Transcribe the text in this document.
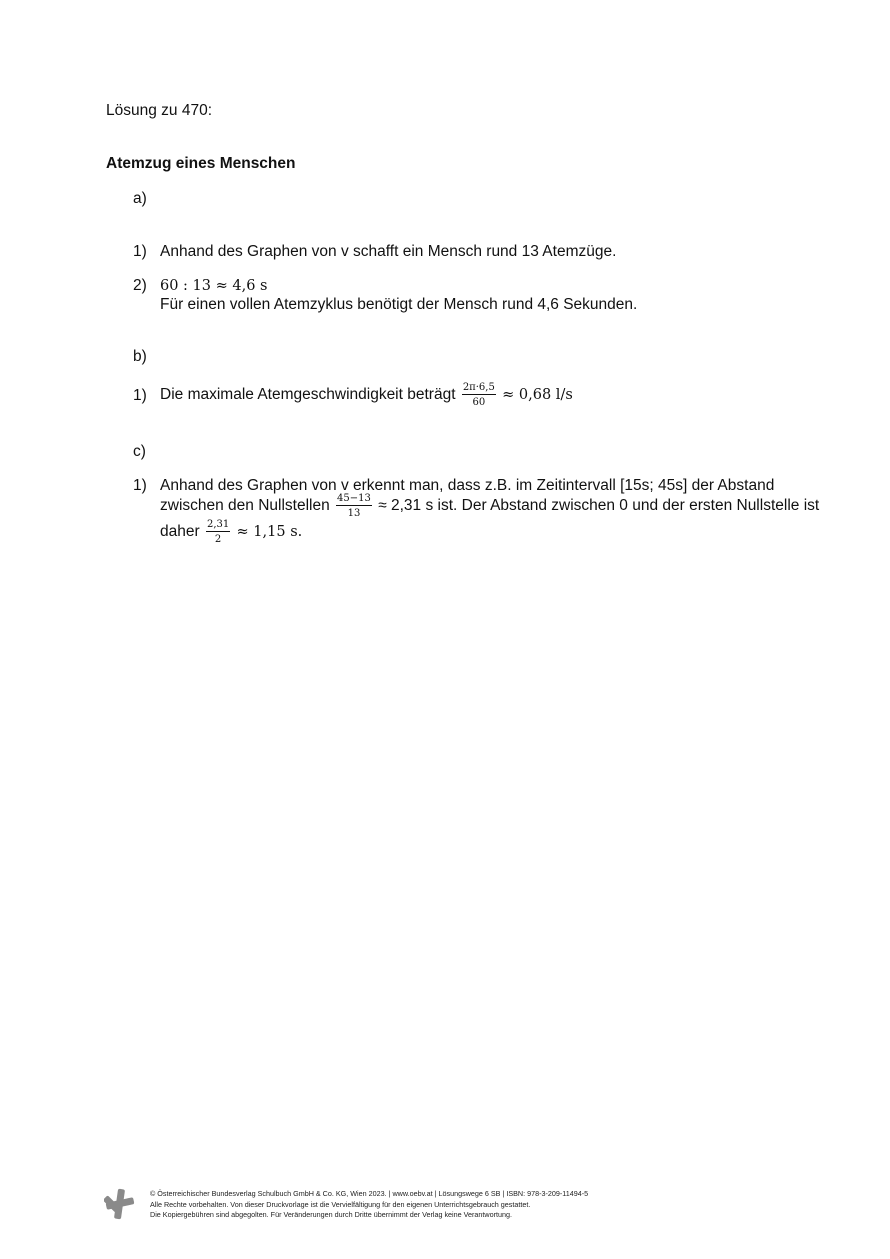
Lösung zu 470:
Atemzug eines Menschen
a)
1) Anhand des Graphen von v schafft ein Mensch rund 13 Atemzüge.
2) 60 : 13 ≈ 4,6 s
Für einen vollen Atemzyklus benötigt der Mensch rund 4,6 Sekunden.
b)
1) Die maximale Atemgeschwindigkeit beträgt $\frac{2\pi\cdot 6,5}{60} \approx 0,68$ l/s
c)
1) Anhand des Graphen von v erkennt man, dass z.B. im Zeitintervall [15s; 45s] der Abstand
zwischen den Nullstellen $\frac{45-13}{13} \approx 2,31$ s ist. Der Abstand zwischen 0 und der ersten Nullstelle ist
daher $\frac{2,31}{2} \approx 1,15$ s.
© Österreichischer Bundesverlag Schulbuch GmbH & Co. KG, Wien 2023. | www.oebv.at | Lösungswege 6 SB | ISBN: 978-3-209-11494-5
Alle Rechte vorbehalten. Von dieser Druckvorlage ist die Vervielfältigung für den eigenen Unterrichtsgebrauch gestattet.
Die Kopiergebühren sind abgegolten. Für Veränderungen durch Dritte übernimmt der Verlag keine Verantwortung.
